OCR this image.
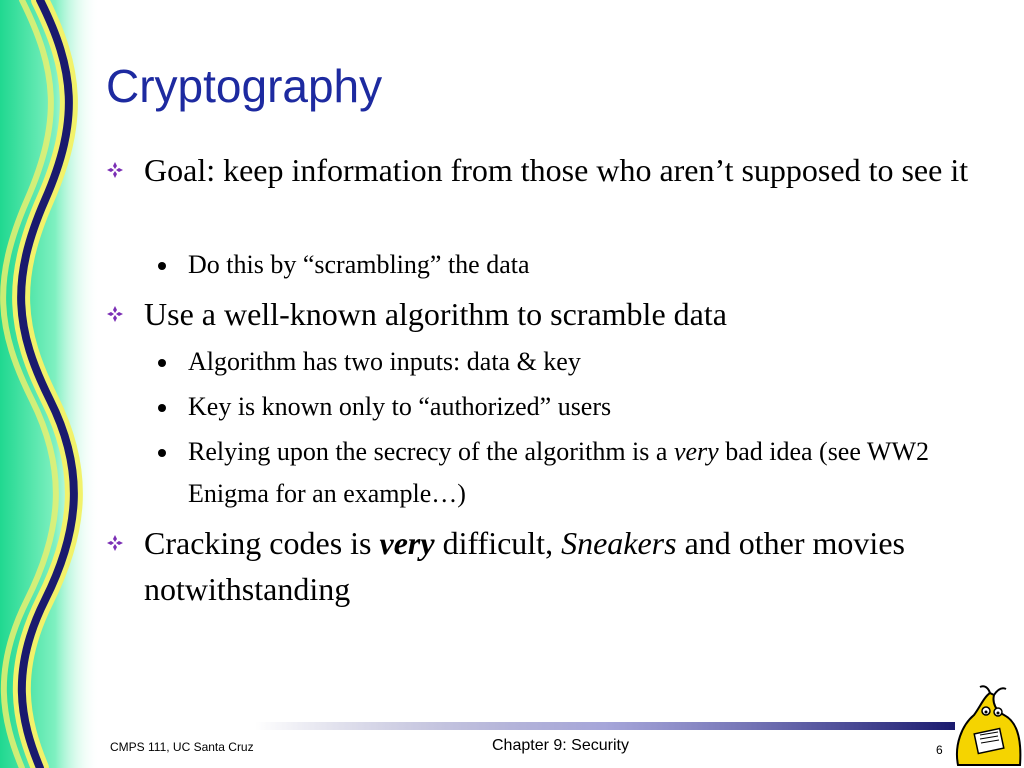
Cryptography
Goal: keep information from those who aren’t supposed to see it
Do this by “scrambling” the data
Use a well-known algorithm to scramble data
Algorithm has two inputs: data & key
Key is known only to “authorized” users
Relying upon the secrecy of the algorithm is a very bad idea (see WW2 Enigma for an example…)
Cracking codes is very difficult, Sneakers and other movies notwithstanding
CMPS 111, UC Santa Cruz	Chapter 9: Security	6
